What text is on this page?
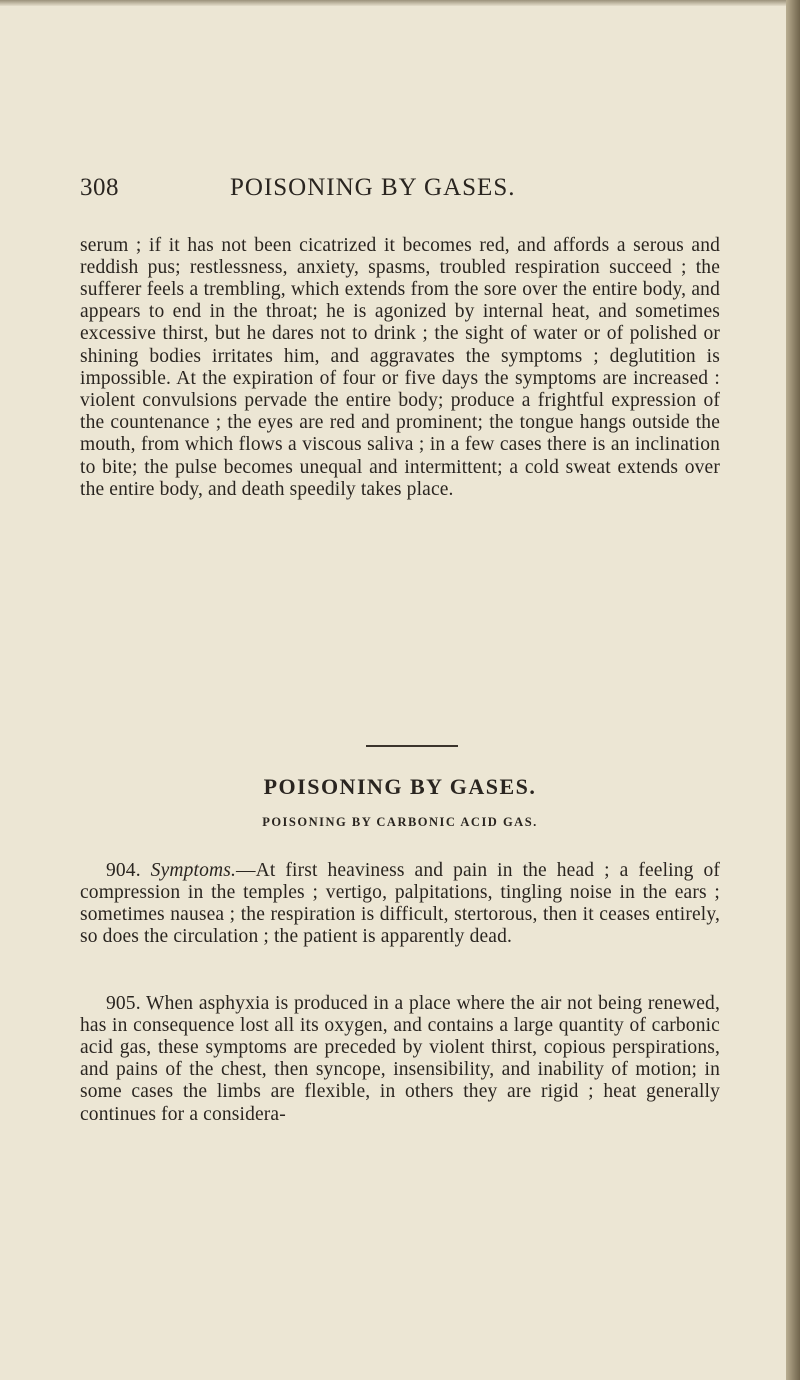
308	POISONING BY GASES.

serum ; if it has not been cicatrized it becomes red, and affords a serous and reddish pus; restlessness, anxiety, spasms, troubled respiration succeed ; the sufferer feels a trembling, which extends from the sore over the entire body, and appears to end in the throat; he is agonized by internal heat, and sometimes excessive thirst, but he dares not to drink ; the sight of water or of polished or shining bodies irritates him, and aggravates the symptoms ; deglutition is impossible. At the expiration of four or five days the symptoms are increased : violent convulsions pervade the entire body; produce a frightful expression of the countenance ; the eyes are red and prominent; the tongue hangs outside the mouth, from which flows a viscous saliva ; in a few cases there is an inclination to bite; the pulse becomes unequal and intermittent; a cold sweat extends over the entire body, and death speedily takes place.

POISONING BY GASES.
POISONING BY CARBONIC ACID GAS.

904. Symptoms.—At first heaviness and pain in the head ; a feeling of compression in the temples ; vertigo, palpitations, tingling noise in the ears ; sometimes nausea ; the respiration is difficult, stertorous, then it ceases entirely, so does the circulation ; the patient is apparently dead.

905. When asphyxia is produced in a place where the air not being renewed, has in consequence lost all its oxygen, and contains a large quantity of carbonic acid gas, these symptoms are preceded by violent thirst, copious perspirations, and pains of the chest, then syncope, insensibility, and inability of motion; in some cases the limbs are flexible, in others they are rigid ; heat generally continues for a considera-
